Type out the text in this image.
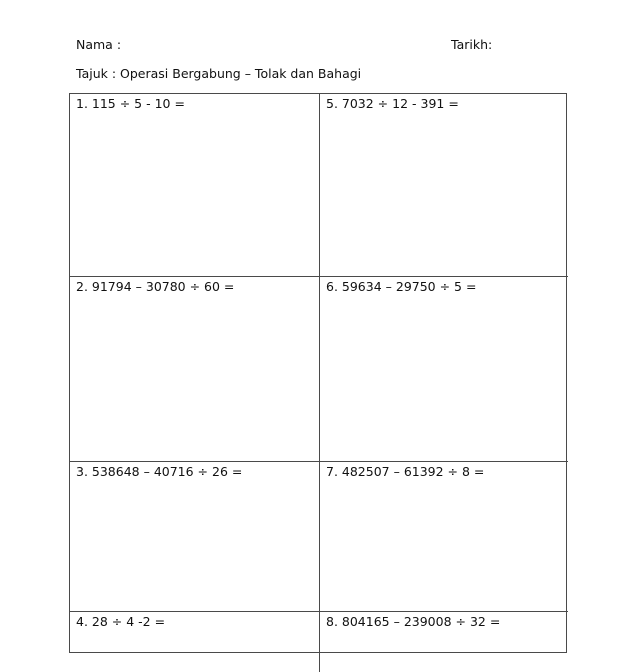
Nama :	Tarikh:
Tajuk : Operasi Bergabung – Tolak dan Bahagi
1. 115 ÷ 5 - 10 =	5. 7032 ÷ 12 - 391 =
2. 91794 – 30780 ÷ 60 =	6. 59634 – 29750 ÷ 5 =
3. 538648 – 40716 ÷ 26 =	7. 482507 – 61392 ÷ 8 =
4. 28 ÷ 4 -2 =	8. 804165 – 239008 ÷ 32 =
